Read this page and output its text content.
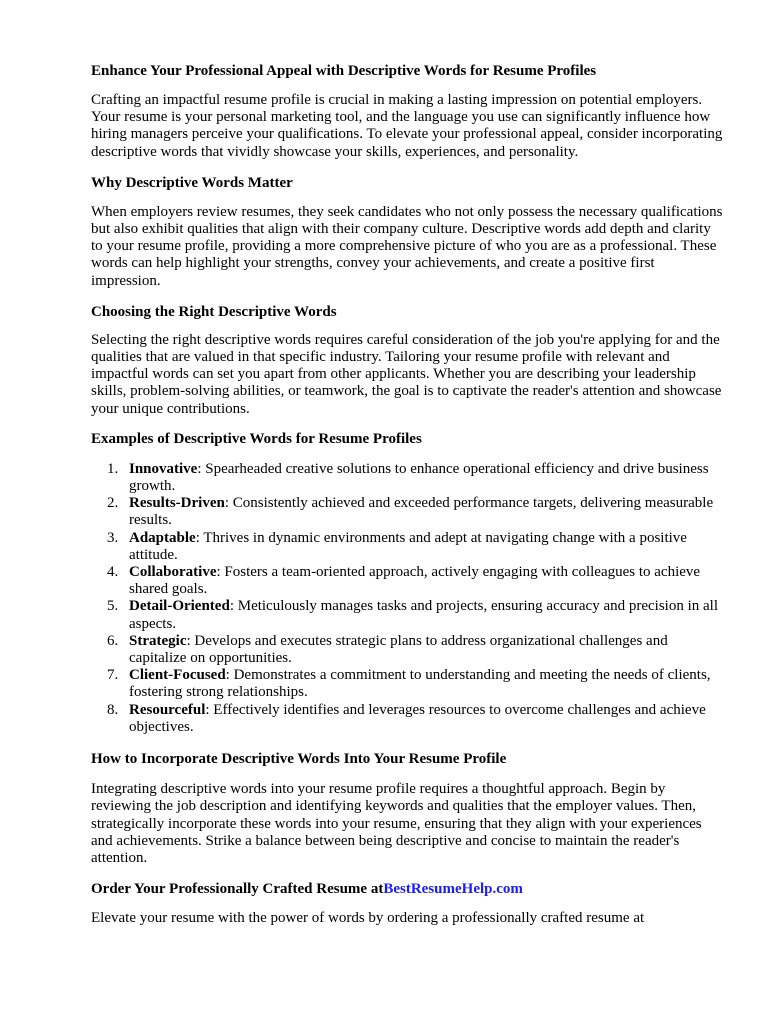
Enhance Your Professional Appeal with Descriptive Words for Resume Profiles

Crafting an impactful resume profile is crucial in making a lasting impression on potential employers. Your resume is your personal marketing tool, and the language you use can significantly influence how hiring managers perceive your qualifications. To elevate your professional appeal, consider incorporating descriptive words that vividly showcase your skills, experiences, and personality.

Why Descriptive Words Matter

When employers review resumes, they seek candidates who not only possess the necessary qualifications but also exhibit qualities that align with their company culture. Descriptive words add depth and clarity to your resume profile, providing a more comprehensive picture of who you are as a professional. These words can help highlight your strengths, convey your achievements, and create a positive first impression.

Choosing the Right Descriptive Words

Selecting the right descriptive words requires careful consideration of the job you're applying for and the qualities that are valued in that specific industry. Tailoring your resume profile with relevant and impactful words can set you apart from other applicants. Whether you are describing your leadership skills, problem-solving abilities, or teamwork, the goal is to captivate the reader's attention and showcase your unique contributions.

Examples of Descriptive Words for Resume Profiles
1. Innovative: Spearheaded creative solutions to enhance operational efficiency and drive business growth.
2. Results-Driven: Consistently achieved and exceeded performance targets, delivering measurable results.
3. Adaptable: Thrives in dynamic environments and adept at navigating change with a positive attitude.
4. Collaborative: Fosters a team-oriented approach, actively engaging with colleagues to achieve shared goals.
5. Detail-Oriented: Meticulously manages tasks and projects, ensuring accuracy and precision in all aspects.
6. Strategic: Develops and executes strategic plans to address organizational challenges and capitalize on opportunities.
7. Client-Focused: Demonstrates a commitment to understanding and meeting the needs of clients, fostering strong relationships.
8. Resourceful: Effectively identifies and leverages resources to overcome challenges and achieve objectives.
How to Incorporate Descriptive Words Into Your Resume Profile

Integrating descriptive words into your resume profile requires a thoughtful approach. Begin by reviewing the job description and identifying keywords and qualities that the employer values. Then, strategically incorporate these words into your resume, ensuring that they align with your experiences and achievements. Strike a balance between being descriptive and concise to maintain the reader's attention.

Order Your Professionally Crafted Resume atBestResumeHelp.com

Elevate your resume with the power of words by ordering a professionally crafted resume at
